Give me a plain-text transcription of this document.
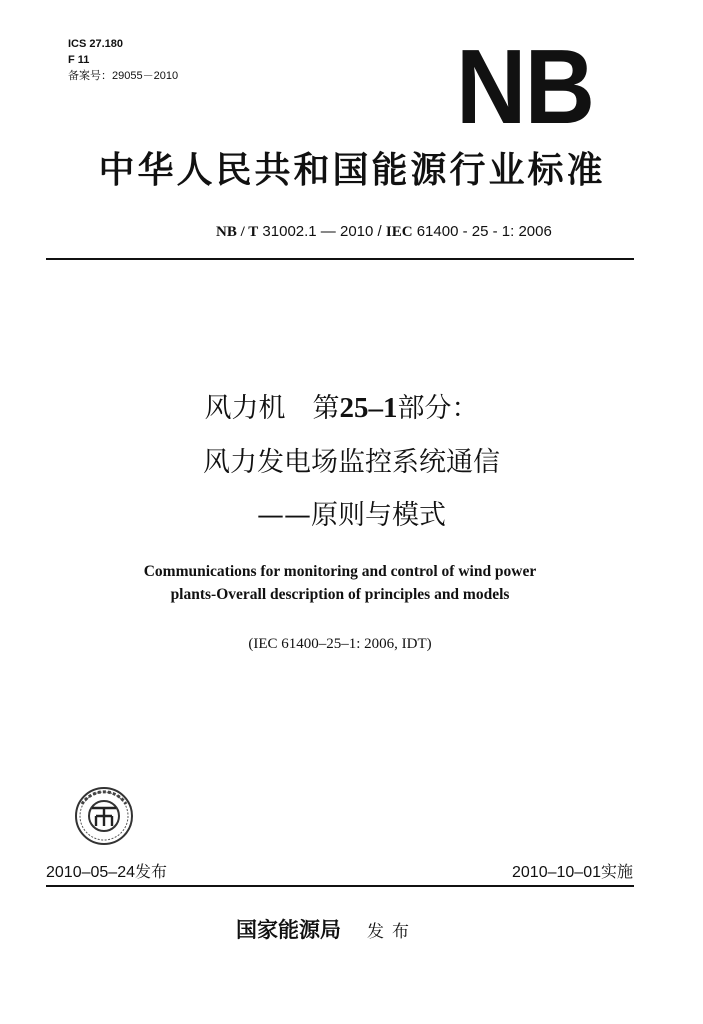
ICS 27.180
F 11
备案号：29055－2010	NB
中华人民共和国能源行业标准
NB / T 31002.1 — 2010 / IEC 61400 - 25 - 1: 2006
风力机　第25–1部分：
风力发电场监控系统通信
——原则与模式
Communications for monitoring and control of wind power
plants-Overall description of principles and models
(IEC 61400–25–1: 2006, IDT)
2010–05–24发布	2010–10–01实施
国家能源局 发布
